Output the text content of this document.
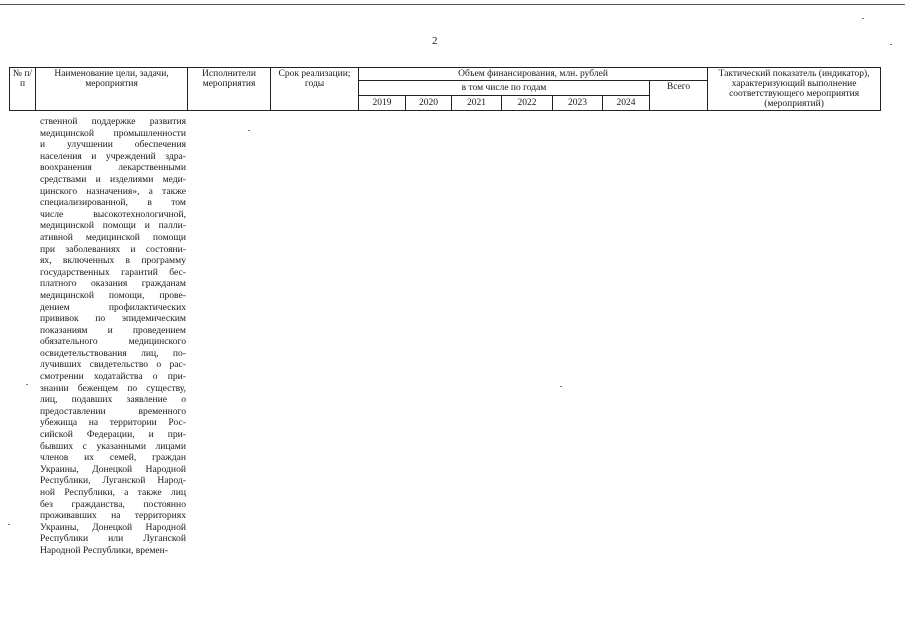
2
№ п/п	Наименование цели, задачи, мероприятия	Исполнители мероприятия	Срок реализации; годы	Объем финансирования, млн. рублей							Тактический показатель (индикатор), характеризующий выполнение соответствующего мероприятия (мероприятий)
				в том числе по годам						Всего	
				2019	2020	2021	2022	2023	2024		
ственной поддержке развития
медицинской промышленности
и улучшении обеспечения
населения и учреждений здра-
воохранения лекарственными
средствами и изделиями меди-
цинского назначения», а также
специализированной, в том
числе высокотехнологичной,
медицинской помощи и палли-
ативной медицинской помощи
при заболеваниях и состояни-
ях, включенных в программу
государственных гарантий бес-
платного оказания гражданам
медицинской помощи, прове-
дением профилактических
прививок по эпидемическим
показаниям и проведением
обязательного медицинского
освидетельствования лиц, по-
лучивших свидетельство о рас-
смотрении ходатайства о при-
знании беженцем по существу,
лиц, подавших заявление о
предоставлении временного
убежища на территории Рос-
сийской Федерации, и при-
бывших с указанными лицами
членов их семей, граждан
Украины, Донецкой Народной
Республики, Луганской Народ-
ной Республики, а также лиц
без гражданства, постоянно
проживавших на территориях
Украины, Донецкой Народной
Республики или Луганской
Народной Республики, времен-
